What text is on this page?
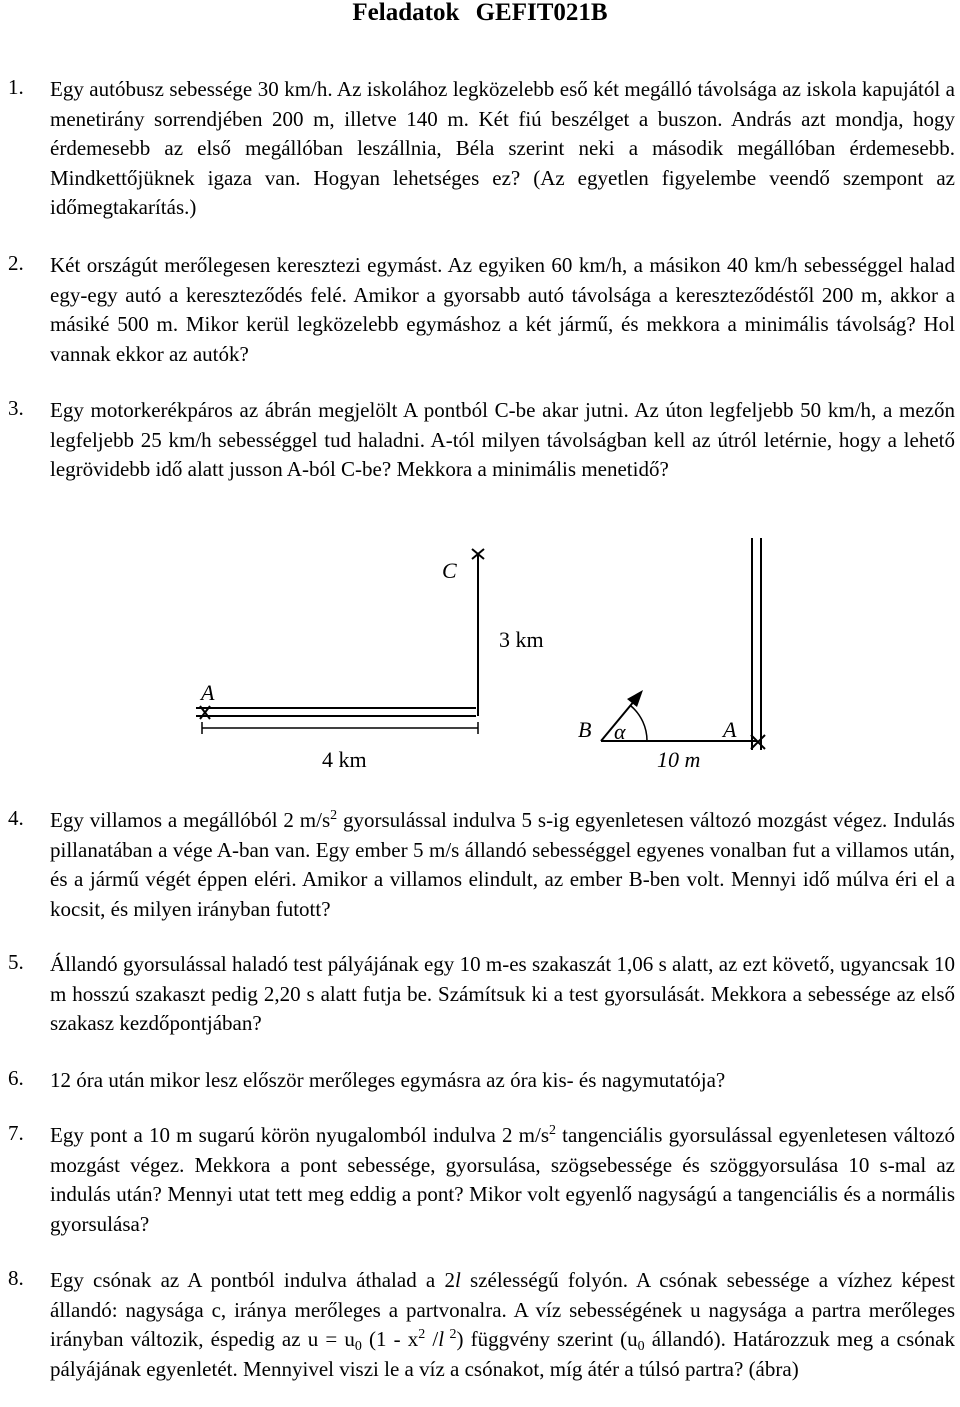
Feladatok GEFIT021B
1. Egy autóbusz sebessége 30 km/h. Az iskolához legközelebb eső két megálló távolsága az iskola kapujától a menetirány sorrendjében 200 m, illetve 140 m. Két fiú beszélget a buszon. András azt mondja, hogy érdemesebb az első megállóban leszállnia, Béla szerint neki a második megállóban érdemesebb. Mindkettőjüknek igaza van. Hogyan lehetséges ez? (Az egyetlen figyelembe veendő szempont az időmegtakarítás.)
2. Két országút merőlegesen keresztezi egymást. Az egyiken 60 km/h, a másikon 40 km/h sebességgel halad egy-egy autó a kereszteződés felé. Amikor a gyorsabb autó távolsága a kereszteződéstől 200 m, akkor a másiké 500 m. Mikor kerül legközelebb egymáshoz a két jármű, és mekkora a minimális távolság? Hol vannak ekkor az autók?
3. Egy motorkerékpáros az ábrán megjelölt A pontból C-be akar jutni. Az úton legfeljebb 50 km/h, a mezőn legfeljebb 25 km/h sebességgel tud haladni. A-tól milyen távolságban kell az útról letérnie, hogy a lehető legrövidebb idő alatt jusson A-ból C-be? Mekkora a minimális menetidő?
C
3 km
A
4 km
B α	A
10 m
4. Egy villamos a megállóból 2 $m/s^2$ gyorsulással indulva 5 s-ig egyenletesen változó mozgást végez. Indulás pillanatában a vége A-ban van. Egy ember 5 m/s állandó sebességgel egyenes vonalban fut a villamos után, és a jármű végét éppen eléri. Amikor a villamos elindult, az ember B-ben volt. Mennyi idő múlva éri el a kocsit, és milyen irányban futott?
5. Állandó gyorsulással haladó test pályájának egy 10 m-es szakaszát 1,06 s alatt, az ezt követő, ugyancsak 10 m hosszú szakaszt pedig 2,20 s alatt futja be. Számítsuk ki a test gyorsulását. Mekkora a sebessége az első szakasz kezdőpontjában?
6. 12 óra után mikor lesz először merőleges egymásra az óra kis- és nagymutatója?
7. Egy pont a 10 m sugarú körön nyugalomból indulva 2 $m/s^2$ tangenciális gyorsulással egyenletesen változó mozgást végez. Mekkora a pont sebessége, gyorsulása, szögsebessége és szöggyorsulása 10 s-mal az indulás után? Mennyi utat tett meg eddig a pont? Mikor volt egyenlő nagyságú a tangenciális és a normális gyorsulása?
8. Egy csónak az A pontból indulva áthalad a 2l szélességű folyón. A csónak sebessége a vízhez képest állandó: nagysága c, iránya merőleges a partvonalra. A víz sebességének u nagysága a partra merőleges irányban változik, éspedig az $u = u_0$ ($1 - x^2$ /l $^2$) függvény szerint ($u_0$ állandó). Határozzuk meg a csónak pályájának egyenletét. Mennyivel viszi le a víz a csónakot, míg átér a túlsó partra? (ábra)
